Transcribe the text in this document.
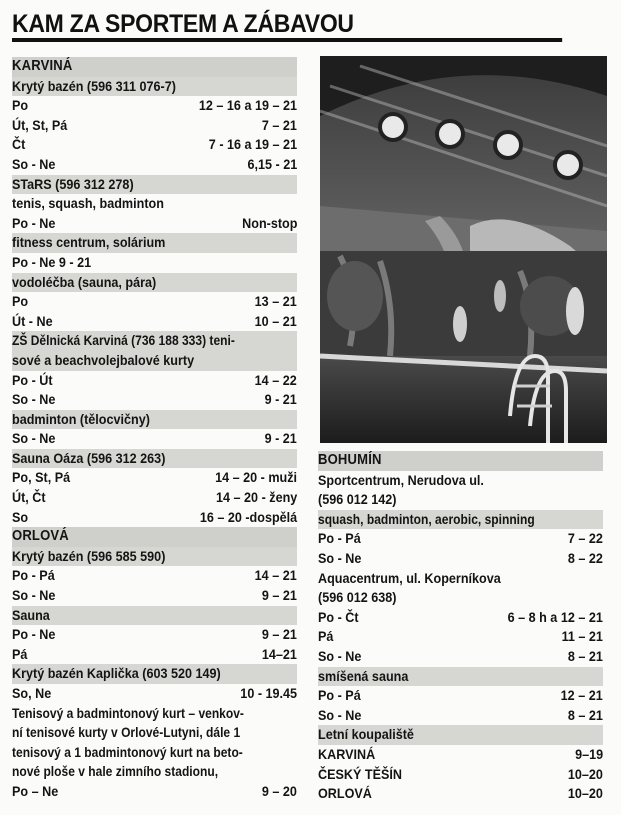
KAM ZA SPORTEM A ZÁBAVOU
KARVINÁ
Krytý bazén (596 311 076-7)
Po	12 – 16 a 19 – 21
Út, St, Pá	7 – 21
Čt	7 - 16 a 19 – 21
So - Ne	6,15 - 21
STaRS (596 312 278)
tenis, squash, badminton
Po - Ne	Non-stop
fitness centrum, solárium
Po - Ne 9 - 21
vodoléčba (sauna, pára)
Po	13 – 21
Út - Ne	10 – 21
ZŠ Dělnická Karviná (736 188 333) teni-
sové a beachvolejbalové kurty
Po - Út	14 – 22
So - Ne	9 - 21
badminton (tělocvičny)
So - Ne	9 - 21
Sauna Oáza (596 312 263)
Po, St, Pá	14 – 20 - muži
Út, Čt	14 – 20 - ženy
So	16 – 20 -dospělá
ORLOVÁ
Krytý bazén (596 585 590)
Po - Pá	14 – 21
So - Ne	9 – 21
Sauna
Po - Ne	9 – 21
Pá	14–21
Krytý bazén Kaplička (603 520 149)
So, Ne	10 - 19.45
Tenisový a badmintonový kurt – venkov-
ní tenisové kurty v Orlové-Lutyni, dále 1
tenisový a 1 badmintonový kurt na beto-
nové ploše v hale zimního stadionu,
Po – Ne	9 – 20
BOHUMÍN
Sportcentrum, Nerudova ul.
(596 012 142)
squash, badminton, aerobic, spinning
Po - Pá	7 – 22
So - Ne	8 – 22
Aquacentrum, ul. Koperníkova
(596 012 638)
Po - Čt	6 – 8 h a 12 – 21
Pá	11 – 21
So - Ne	8 – 21
smíšená sauna
Po - Pá	12 – 21
So - Ne	8 – 21
Letní koupaliště
KARVINÁ	9–19
ČESKÝ TĚŠÍN	10–20
ORLOVÁ	10–20
